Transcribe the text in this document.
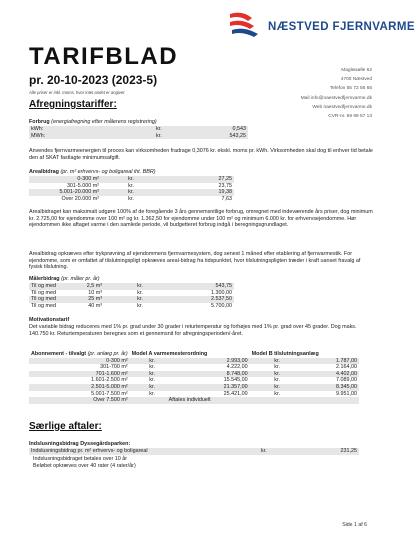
NÆSTVED FJERNVARME
TARIFBLAD
pr. 20-10-2023 (2023-5)
Alle priser er inkl. moms, hvor intet andet er angivet
Magleмølle 62
4700 Næstved
Telefon 55 72 56 65
Mail info@naestvedfjernvarme.dk
Web naestvedfjernvarme.dk
CVR-nr. 69 99 57 13
Afregningstariffer:
Forbrug (energiafregning efter målerens registrering)
kWh:	kr.	0,543
MWh:	kr.	543,25
Anvendes fjernvarmeenergien til proces kan virksomheden fradrage 0,3076 kr. ekskl. moms pr. kWh. Virksomheden skal dog til enhver tid betale den af SKAT fastlagte minimumsafgift.
Arealbidrag (pr. m² erhvervs- og boligareal iht. BBR)
0-300 m²	kr.	27,25
301-5.000 m²	kr.	23,75
5.001-20.000 m²	kr.	19,38
Over 20.000 m²	kr.	7,63
Arealbidraget kan maksimalt udgøre 100% af de foregående 3 års gennemsnitlige forbrug, omregnet med indeværende års priser, dog minimum kr. 2.725,00 for ejendomme over 100 m² og kr. 1.362,50 for ejendomme under 100 m² og minimum 6.000 kr. for erhvervsejendomme. Hør ejendommen ikke aftaget varme i den samlede periode, vil budgetteret forbrug indgå i beregningsgrundlaget.
Arealbidrag opkræves efter trykprøvning af ejendommens fjernvarmesystem, dog senest 1 måned efter etablering af fjernvarmestik. For ejendomme, som er omfattet af tilslutningspligt opkræves areal-bidrag fra tidspunktet, hvor tilslutningspligten træder i kraft uanset fravalg af fysisk tilslutning.
Målerbidrag (pr. måler pr. år)
Til og med	2,5 m³	kr.	543,75
Til og med	10 m³	kr.	1.300,00
Til og med	25 m³	kr.	2.537,50
Til og med	40 m³	kr.	5.700,00
Motivationstarif
Det variable bidrag reduceres med 1% pr. grad under 30 grader i returtemperatur og forhøjes med 1% pr. grad over 45 grader. Dog maks. 140.750 kr. Returtemperaturen beregnes som et gennemsnit for afregningsperioden/-året.
Abonnement - tilvalgt (pr. anlæg pr. år)	Model A varmemesterordning		Model B tilslutningsanlæg	
0-300 m²	kr.	2.993,00	kr.	1.787,00
301-700 m²	kr.	4.222,00	kr.	2.164,00
701-1.600 m²	kr.	8.748,00	kr.	4.402,00
1.601-2.500 m²	kr.	15.545,00	kr.	7.089,00
2.501-5.000 m²	kr.	21.357,00	kr.	8.345,00
5.001-7.500 m²	kr.	25.421,00	kr.	9.951,00
Over 7.500 m²	Aftales individuelt			
Særlige aftaler:
Indslusningsbidrag Dyssegårdsparken:
Indslusningsbidrag pr. m² erhvervs- og boligareal	kr.	231,25
Indslusningsbidraget betales over 10 år
Beløbet opkræves over 40 rater (4 rater/år)
Side 1 af 6
